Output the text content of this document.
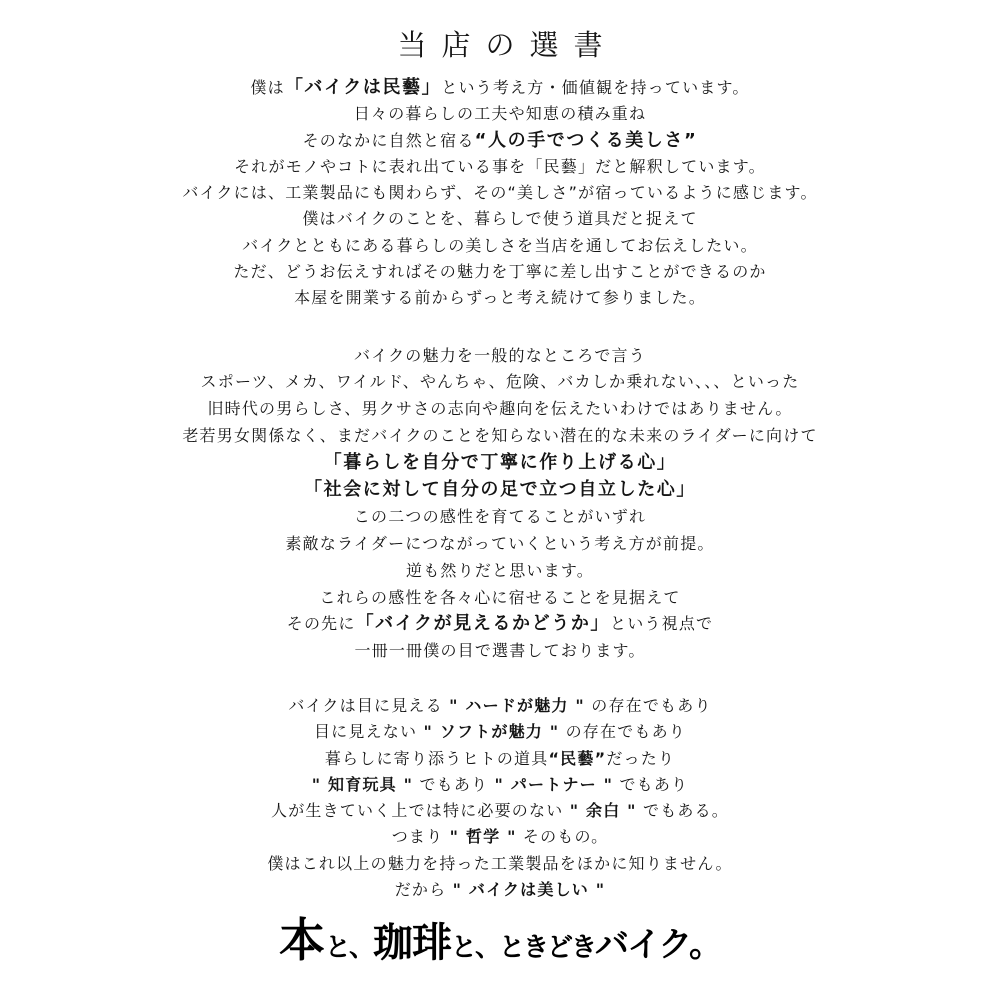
当店の選書
僕は「バイクは民藝」という考え方・価値観を持っています。
日々の暮らしの工夫や知恵の積み重ね
そのなかに自然と宿る“人の手でつくる美しさ”
それがモノやコトに表れ出ている事を「民藝」だと解釈しています。
バイクには、工業製品にも関わらず、その“美しさ”が宿っているように感じます。
僕はバイクのことを、暮らしで使う道具だと捉えて
バイクとともにある暮らしの美しさを当店を通してお伝えしたい。
ただ、どうお伝えすればその魅力を丁寧に差し出すことができるのか
本屋を開業する前からずっと考え続けて参りました。
バイクの魅力を一般的なところで言う
スポーツ、メカ、ワイルド、やんちゃ、危険、バカしか乗れない、、、といった
旧時代の男らしさ、男クサさの志向や趣向を伝えたいわけではありません。
老若男女関係なく、まだバイクのことを知らない潜在的な未来のライダーに向けて
「暮らしを自分で丁寧に作り上げる心」
「社会に対して自分の足で立つ自立した心」
この二つの感性を育てることがいずれ
素敵なライダーにつながっていくという考え方が前提。
逆も然りだと思います。
これらの感性を各々心に宿せることを見据えて
その先に「バイクが見えるかどうか」という視点で
一冊一冊僕の目で選書しております。
バイクは目に見える " ハードが魅力 " の存在でもあり
目に見えない " ソフトが魅力 " の存在でもあり
暮らしに寄り添うヒトの道具“民藝”だったり
" 知育玩具 " でもあり " パートナー " でもあり
人が生きていく上では特に必要のない " 余白 " でもある。
つまり " 哲学 " そのもの。
僕はこれ以上の魅力を持った工業製品をほかに知りません。
だから " バイクは美しい "
本と、珈琲と、ときどきバイク。
